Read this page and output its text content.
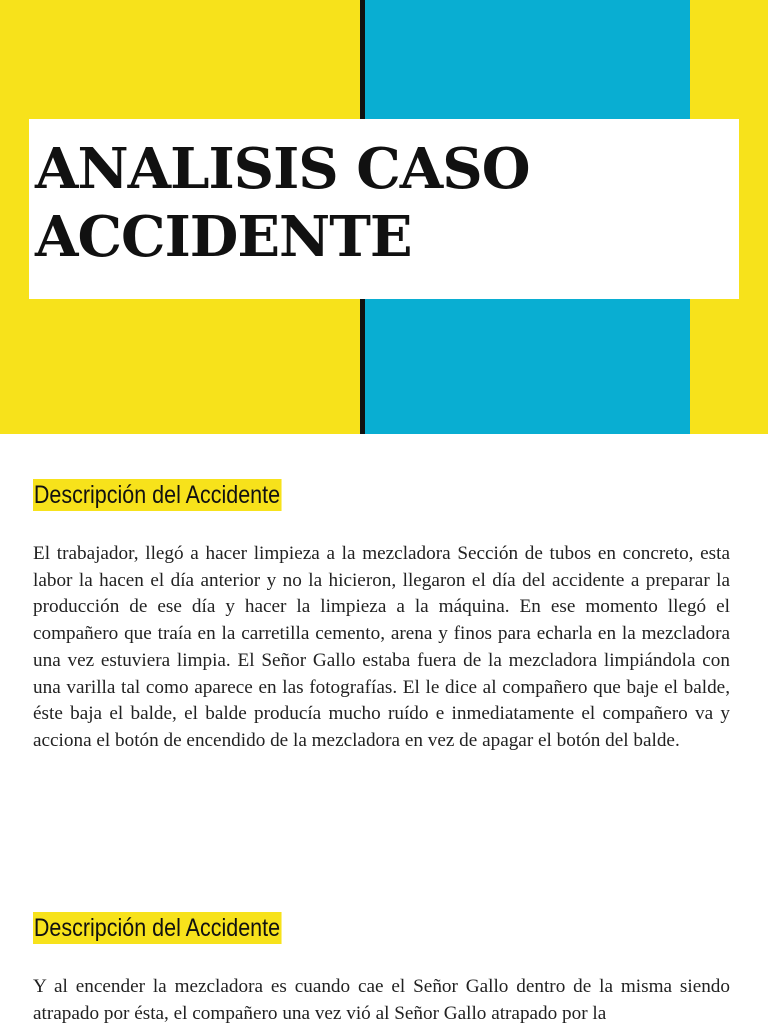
ANALISIS CASO
ACCIDENTE
Descripción del Accidente

El trabajador, llegó a hacer limpieza a la mezcladora Sección de tubos en concreto, esta labor la hacen el día anterior y no la hicieron, llegaron el día del accidente a preparar la producción de ese día y hacer la limpieza a la máquina. En ese momento llegó el compañero que traía en la carretilla cemento, arena y finos para echarla en la mezcladora una vez estuviera limpia. El Señor Gallo estaba fuera de la mezcladora limpiándola con una varilla tal como aparece en las fotografías. El le dice al compañero que baje el balde, éste baja el balde, el balde producía mucho ruído e inmediatamente el compañero va y acciona el botón de encendido de la mezcladora en vez de apagar el botón del balde.

Descripción del Accidente

Y al encender la mezcladora es cuando cae el Señor Gallo dentro de la misma siendo atrapado por ésta, el compañero una vez vió al Señor Gallo atrapado por la
